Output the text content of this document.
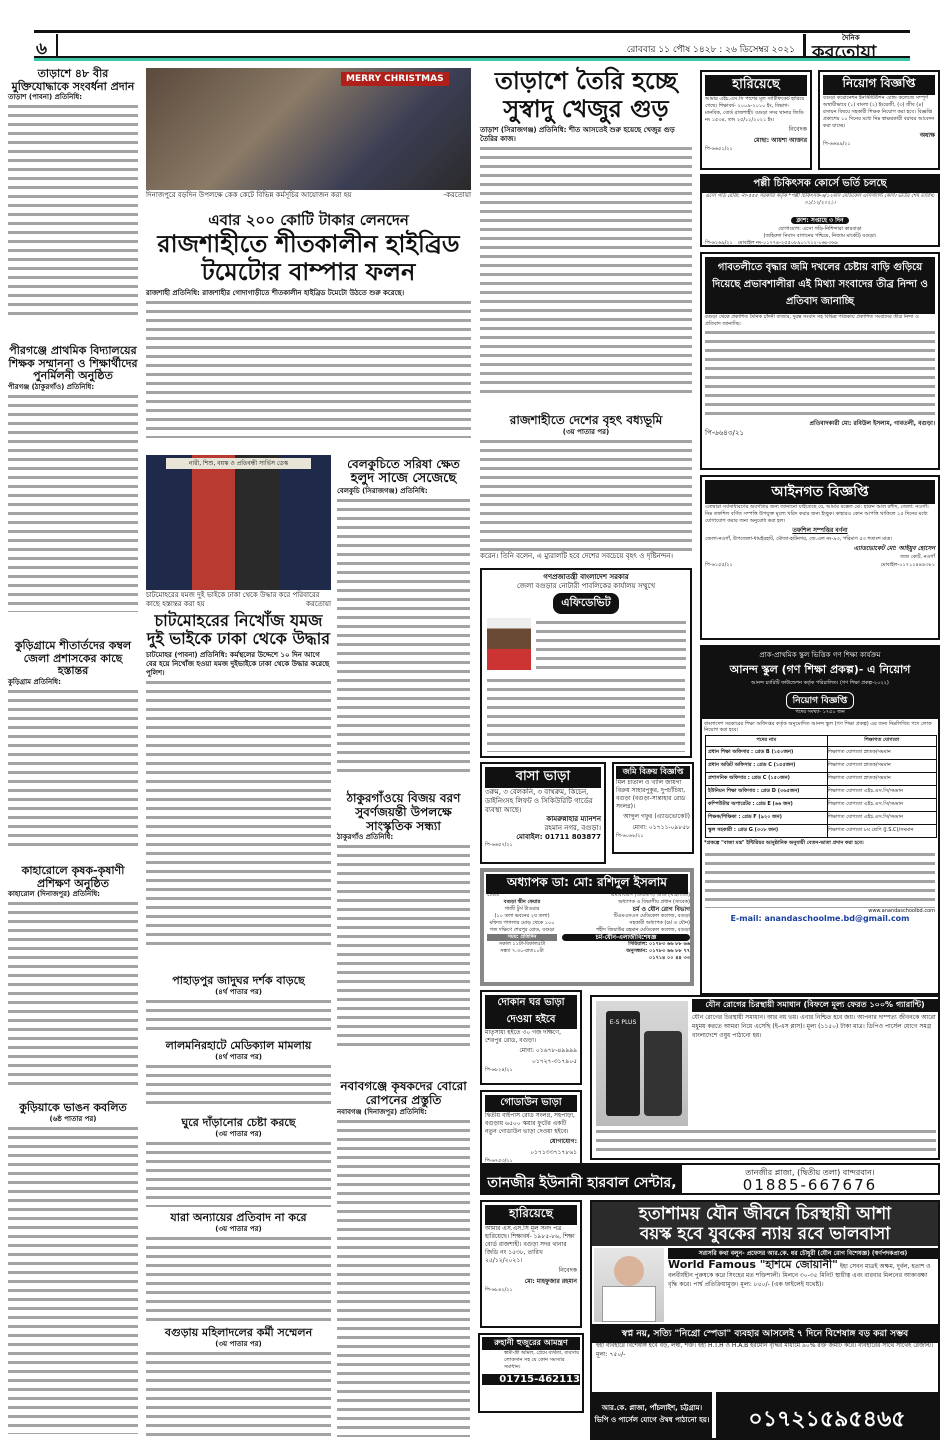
৬	রোববার ১১ পৌষ ১৪২৮ : ২৬ ডিসেম্বর ২০২১
দৈনিক
করতোয়া
তাড়াশে ৪৮ বীর মুক্তিযোদ্ধাকে সংবর্ধনা প্রদান
তাড়াশ (পাবনা) প্রতিনিধি:
পীরগঞ্জে প্রাথমিক বিদ্যালয়ের শিক্ষক সম্মাননা ও শিক্ষার্থীদের পুনর্মিলনী অনুষ্ঠিত
পীরগঞ্জ (ঠাকুরগাঁও) প্রতিনিধি:
কুড়িগ্রামে শীতার্তদের কম্বল জেলা প্রশাসকের কাছে হস্তান্তর
কুড়িগ্রাম প্রতিনিধি:
কাহারোলে কৃষক-কৃষাণী প্রশিক্ষণ অনুষ্ঠিত
কাহারোল (দিনাজপুর) প্রতিনিধি:
কুড়িয়াকে ভাঙন কবলিত
(৬ষ্ঠ পাতার পর)
MERRY CHRISTMAS
দিনাজপুরে বড়দিন উপলক্ষে কেক কেটে বিভিন্ন কর্মসূচির আয়োজন করা হয়	-করতোয়া
এবার ২০০ কোটি টাকার লেনদেন
রাজশাহীতে শীতকালীন হাইব্রিড টমেটোর বাম্পার ফলন
রাজশাহী প্রতিনিধি: রাজশাহীর গোদাগাড়ীতে শীতকালীন হাইব্রিড টমেটো উঠতে শুরু করেছে।
নারী, শিশু, বয়স্ক ও প্রতিবন্ধী সার্ভিস ডেস্ক
চাটমোহরের যমজ দুই ভাইকে ঢাকা থেকে উদ্ধার করে পরিবারের কাছে হস্তান্তর করা হয়	করতোয়া
চাটমোহরের নিখোঁজ যমজ দুই ভাইকে ঢাকা থেকে উদ্ধার
চাটমোহর (পাবনা) প্রতিনিধি: কর্মস্থলের উদ্দেশে ১০ দিন আগে বের হয়ে নিখোঁজ হওয়া যমজ দুইভাইকে ঢাকা থেকে উদ্ধার করেছে পুলিশ।
বেলকুচিতে সরিষা ক্ষেত
হলুদ সাজে সেজেছে
বেলকুচি (সিরাজগঞ্জ) প্রতিনিধি:
ঠাকুরগাঁওয়ে বিজয় বরণ সুবর্ণজয়ন্তী উপলক্ষে সাংস্কৃতিক সন্ধ্যা
ঠাকুরগাঁও প্রতিনিধি:
নবাবগঞ্জে কৃষকদের বোরো রোপনের প্রস্তুতি
নবাবগঞ্জ (দিনাজপুর) প্রতিনিধি:
পাহাড়পুর জাদুঘর দর্শক বাড়ছে
(৪র্থ পাতার পর)
লালমনিরহাটে মেডিক্যাল মামলায়
(৪র্থ পাতার পর)
ঘুরে দাঁড়ানোর চেষ্টা করছে
(৩য় পাতার পর)
যারা অন্যায়ের প্রতিবাদ না করে
(৩য় পাতার পর)
বগুড়ায় মহিলাদলের কর্মী সম্মেলন
(৩য় পাতার পর)
তাড়াশে তৈরি হচ্ছে সুস্বাদু খেজুর গুড়
তাড়াশ (সিরাজগঞ্জ) প্রতিনিধি: শীত আসতেই শুরু হয়েছে খেজুর গুড় তৈরির কাজ।
রাজশাহীতে দেশের বৃহৎ বধ্যভূমি
(৩য় পাতার পর)
করেন। তিনি বলেন, এ ম্যুরালটি হবে দেশের সবচেয়ে বৃহৎ ও দৃষ্টিনন্দন।
গণপ্রজাতন্ত্রী বাংলাদেশ সরকার
জেলা বগুড়ার নোটারী পাবলিকের কার্যালয় সম্মুখে
এফিডেভিট
বাসা ভাড়া
৩রুম, ৩ বেলকনি, ৩ বাথরুম, কিচেন, ডাইনিংসহ লিফট ও সিকিউরিটি গার্ডের ব্যবস্থা আছে।
কামরুন্নাহার ম্যানশন
রহমান নগর, বগুড়া।
মোবাইল: 01711 803877
পি-৬৬৫৭/২১
জমি বিক্রয় বিজ্ঞপ্তি
মিল চাতাল ও খালি জায়গা বিক্রয় সাহারপুকুর, দুপচাঁচিয়া, বগুড়া (বগুড়া-সান্তাহার রোড সংলগ্ন)।
আব্দুল গফুর (এ্যাডভোকেট)
মোবা: ০১৭১১-০৯৮৫৮
পি-৬০৬৮/২১
অধ্যাপক ডা: মো: রশিদুল ইসলাম
চেম্বার
বগুড়া স্কীন কেয়ার
গাজী টুর্স টাওয়ার
(১০ তলা ভবনের ২য় তলা)
মফিজ পাগলার মোড় থেকে ১০০ গজ দক্ষিণে শেরপুর রোড, বগুড়া
সময়: প্রতিদিন
সকাল ১১টা-বিকাল৫টা
সন্ধ্যা ৭.৩০-রাত১০টা
এমবিবিএস (ডিএমসি) ডিডি (থাইল্যান্ড)
অধ্যাপক ও বিভাগীয় প্রধান (সাবেক)
চর্ম ও যৌন রোগ বিভাগ
টিএমএসএস মেডিকেল কলেজ, বগুড়া
সহকারী অধ্যাপক (চর্ম ও যৌন)
শহীদ জিয়াউর রহমান মেডিকেল কলেজ, বগুড়া
চর্ম-যৌন-এলার্জীবিশেষজ্ঞ
সিরিয়াল: ০১৭৮৩ ৬৬ ৮৮ ৬৬
অনুসন্ধান: ০১৭৮৩ ৬৬ ৮৮ ৭৭
০১৭১৪ ০০ ৪৪ ৩৩
দোকান ঘর ভাড়া দেওয়া হইবে
মাতৃসাধ্য হইতে ৩০ গজ দক্ষিণে, শেরপুর রোড, বগুড়া।
মোবা: ০১৬৭৮-৪৯৯৯৯
০১৭২৭-৩১৭৯০৫
পি-৬৮২৪/২১
গোডাউন ভাড়া
দ্বিতীয় বাইপাস রোড সংলগ্ন, সহপাড়া, বগুড়ায় ৬৫০০ স্কয়ার ফুটের একটি নতুন গোডাউন ভাড়া দেওয়া হইবে।
যোগাযোগ:
০১৭১৩৩৭১৭৮৬১
পি-৬৭৫৩/২১
হারিয়েছে
আমার এস.এস.সি মূল সনদ পত্র হারিয়েছে। শিক্ষাবর্ষ- ১৯৮৫-৮৬, শিক্ষা বোর্ড রাজশাহী। বগুড়া সদর থানার জিডি নং ১৫৩৮, তারিখ ২৫/১২/২০২১।
নিবেদক
মো: মাহফুজার রহমান
পি-৬৮৪২/২১
রুহানী হুজুরের আমন্ত্রণ
স্বামী-স্ত্রী অমিল, প্রেমে ব্যর্থতা, ব্যবসায় লোকসান সহ যে কোন সমস্যার সমাধান।
01715-462113
হারিয়েছে
আমার এইচ.এস.সি পাশের মূল সার্টিফিকেট হারিয়ে গেছে। শিক্ষাবর্ষ- ২০০৯-২০১০ ইং, বিভাগ- মানবিক, বোর্ড রাজশাহী। বগুড়া সদর থানার জিডি নং ১৫৩৪, তাং ২৫/১২/২০২১ ইং।
নিবেদক
মোছা: আয়শা আক্তার
পি-৬৬৫১/২১
নিয়োগ বিজ্ঞপ্তি
বগুড়া করোনেশন ইনস্টিটিউশন এ্যান্ড কলেজে সম্পূর্ণ অস্থায়ীভাবে (১) বাংলা (২) ইংরেজী, (৩) জীব (৪) রসায়ন বিষয়ে সহকারী শিক্ষক নিয়োগ করা হবে। বিজ্ঞপ্তি প্রকাশের ১০ দিনের মধ্যে নিম্ন স্বাক্ষরকারী বরাবর আবেদন করা যাচ্ছে।
অধ্যক্ষ
পি-৬৬৪৯/২১
পল্লী চিকিৎসক কোর্সে ভর্তি চলছে
এসো গড়ি রেজি: নং-৫৫৫ সরকারি কর্তৃক *পল্লী চিকিৎসক-৬/১২মাস মেডিকেল এসিস্ট্যান্ট কোর্স। ভর্তির শেষ তারিখ: ৩১/১২/২০২১।
ক্লাশ: সপ্তাহে ৩ দিন
যোগাযোগ: এসো গড়ি-নিশিন্দারা কারবাড়া
(জহিরুল নিবাস বাগানের পশ্চিমে, নিজাম মার্কেট) বগুড়া।
পি-৬২৬৯/২১ মোবাইল নং-০১৭৭৪-২৫৫০৮৯০১৭১২-০৬৮৩৬৯
গাবতলীতে বৃদ্ধার জমি দখলের চেষ্টায় বাড়ি গুড়িয়ে দিয়েছে প্রভাবশালীরা এই মিথ্যা সংবাদের তীব্র নিন্দা ও প্রতিবাদ জানাচ্ছি
বগুড়া থেকে প্রকাশিত দৈনিক চাঁদনী বাজার, দুরন্ত সংবাদ সহ বিভিন্ন পত্রিকায় প্রকাশিত সংবাদের তীব্র নিন্দা ও প্রতিবাদ জানাচ্ছি।
প্রতিবাদকারী মো: রবিউল ইসলাম, গাবতলী, বগুড়া।
পি-৬৬৪৩/২১
আইনগত বিজ্ঞপ্তি
এতদ্বারা সর্বসাধারণের অবগতির জন্য জানানো যাইতেছে যে, আমার মক্কেল মো: হারুন আল রশীদ, জেলা: নওগাঁ। নিম্ন তফশিল বর্ণিত সম্পত্তি উপযুক্ত মূল্যে খরিদ করার জন্য ইচ্ছুক। কাহারও কোন আপত্তি থাকিলে ১৫ দিনের মধ্যে যোগাযোগ করার জন্য অনুরোধ করা হল।
তফশিল সম্পত্তির বর্ণনা
জেলা-নওগাঁ, উপজেলা-ধামইরহাট, মৌজা-হাটনগর, জে.এল নং-৯৩, পরিমাণ ৫৩ শতাংশ মাত্র।
এ্যাডভোকেট মো: আইয়ুব হোসেন
জজ কোর্ট, নওগাঁ
পি-৬১৫৫/২১	মোবাইল-০১৭১২৪৪৪৩৮১
প্রাক-প্রাথমিক স্কুল ভিত্তিক গণ শিক্ষা কার্যক্রম
আনন্দ স্কুল (গণ শিক্ষা প্রকল্প)- এ নিয়োগ
আনন্দ চ্যারিটি ফাউন্ডেশন কর্তৃক পরিচালিত। (গণ শিক্ষা প্রকল্প-২০২২)
নিয়োগ বিজ্ঞপ্তি
পদের সংখ্যা- ১৭৫০ জন
বাংলাদেশ সরকারের শিক্ষা অধিদপ্তর কর্তৃক অনুমোদিত আনন্দ স্কুল (গণ শিক্ষা প্রকল্প) এর জন্য নিম্নলিখিত পদে লোক নিয়োগ করা হবে।
পদের নাম	শিক্ষাগত যোগ্যতা
প্রধান শিক্ষা অফিসার : গ্রেড B (১৫০জন)	শিক্ষাগত যোগ্যতা স্নাতক/সমমান
প্রধান অডিট অফিসার : গ্রেড C (১৫৫জন)	শিক্ষাগত যোগ্যতা স্নাতক/সমমান
প্রশাসনিক অফিসার : গ্রেড C (১৫০জন)	শিক্ষাগত যোগ্যতা স্নাতক/সমমান
ইউনিয়ন শিক্ষা অফিসার : গ্রেড D (৩৬৫জন)	শিক্ষাগত যোগ্যতা এইচ.এস.সি/সমমান
কম্পিউটার অপারেটর : গ্রেড E (৬৬ জন)	শিক্ষাগত যোগ্যতা এইচ.এস.সি/সমমান
শিক্ষক/শিক্ষিকা : গ্রেড F (৯২০ জন)	শিক্ষাগত যোগ্যতা এইচ.এস.সি/সমমান
স্কুল সহকারী : গ্রেড G (৩০৮ জন)	শিক্ষাগত যোগ্যতা ৮ম শ্রেণি (J.S.C)/সমমান
*প্রকল্পে "বাজা মন্ত্র" ইন্টিরিয়র আনুষ্ঠানিক অনুযায়ী বেতন-ভাতা প্রদান করা হবে।
www.anandaschoolbd.com
E-mail: anandaschoolme.bd@gmail.com
E-S PLUS
যৌন রোগের চিরস্থায়ী সমাধান (বিফলে মূল্য ফেরত ১০০% গ্যারান্টি)
যৌন রোগের চিরস্থায়ী সমাধান। আর নয় ভয়। এবার নিশ্চিত হবে জয়। আপনার দাম্পত্য জীবনকে আরো মধুময় করতে আমরা নিয়ে এসেছি (ই-এস প্লাস)। মূল্য (১১৫০) টাকা মাত্র। ডিপিও পার্সেল যোগে সমগ্র বাংলাদেশে ওষুধ পাঠানো হয়।
তানজীর ইউনানী হারবাল সেন্টার,
তানজীর প্লাজা, (দ্বিতীয় তলা) বান্দরবান।
01885-667676
হতাশাময় যৌন জীবনে চিরস্থায়ী আশা
বয়স্ক হবে যুবকের ন্যায় রবে ভালবাসা
সরাসরি কথা বলুন- প্রফেসর আর.কে. ধর চৌধুরী (যৌন রোগ বিশেষজ্ঞ) (স্বর্ণপদকপ্রাপ্ত)
World Famous "হাশমে জোয়ানী" ইহা সেবন মাত্রই অক্ষম, দুর্বল, হতাশ ও বলবীর্যহীন পুরুষকে করে সিংহের মত শক্তিশালী। মিলনে ৩০-৩৫ মিনিট স্থায়ীত্ব এবং বারবার মিলনের আকাঙ্ক্ষা বৃদ্ধি করে। পার্শ্ব প্রতিক্রিয়ামুক্ত। মূল্য: ৮৫০/- (এক ফাইলেই যথেষ্ট)।
স্বপ্ন নয়, সত্যি "নিগ্রো স্পেডা" ব্যবহার আসলেই ৭ দিনে বিশেষাঙ্গ বড় করা সম্ভব
ইহা ব্যবহারে বিশেষাঙ্গ হবে বড়, লম্বা, শক্ত। ইহা H.T.H ও H.A.B হরমোন বৃদ্ধির মাধ্যমে ৯০% রক্ত জমাট করে। ব্যবহারের সাথে সাথেই রেজাল্ট। মূল্য: ৭৫০/-
আর.কে. প্লাজা, পাঁচলাইশ, চট্টগ্রাম।
ভিপি ও পার্সেল যোগে ঔষধ পাঠানো হয়।	০১৭২১৫৯৫৪৬৫
